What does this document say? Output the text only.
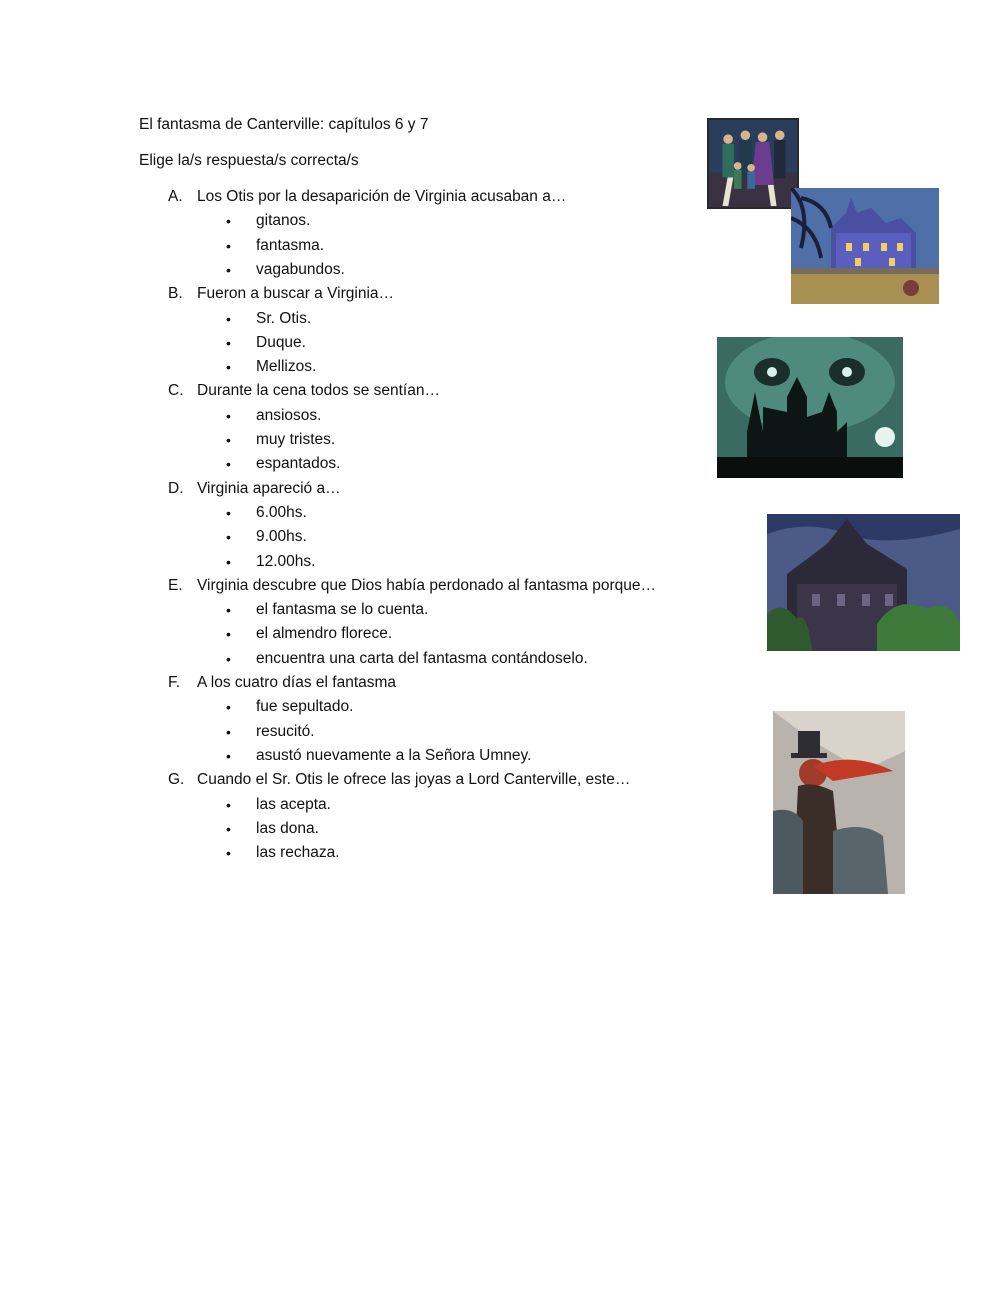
El fantasma de Canterville: capítulos 6 y 7
Elige la/s respuesta/s correcta/s
A. Los Otis por la desaparición de Virginia acusaban a…
• gitanos.
• fantasma.
• vagabundos.
B. Fueron a buscar a Virginia…
• Sr. Otis.
• Duque.
• Mellizos.
C. Durante la cena todos se sentían…
• ansiosos.
• muy tristes.
• espantados.
D. Virginia apareció a…
• 6.00hs.
• 9.00hs.
• 12.00hs.
E. Virginia descubre que Dios había perdonado al fantasma porque…
• el fantasma se lo cuenta.
• el almendro florece.
• encuentra una carta del fantasma contándoselo.
F. A los cuatro días el fantasma
• fue sepultado.
• resucitó.
• asustó nuevamente a la Señora Umney.
G. Cuando el Sr. Otis le ofrece las joyas a Lord Canterville, este…
• las acepta.
• las dona.
• las rechaza.
